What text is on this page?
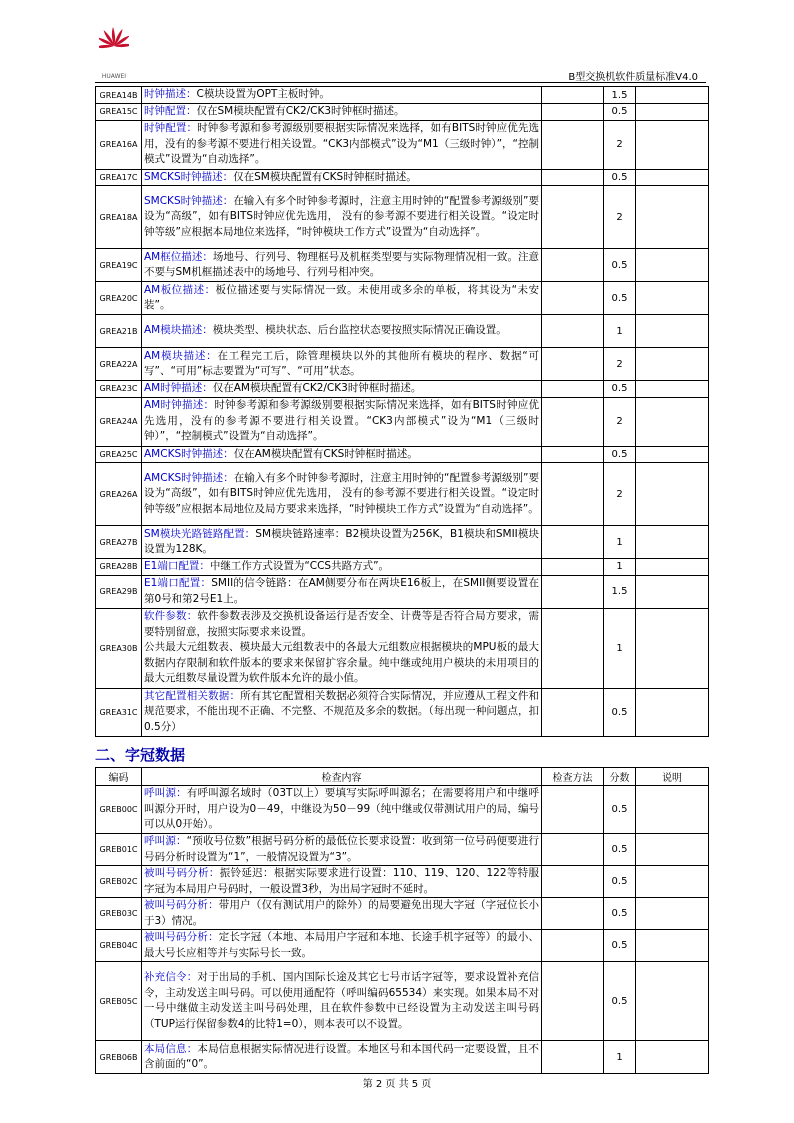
HUAWEI	B型交换机软件质量标准V4.0
GREA14B	时钟描述：C模块设置为OPT主板时钟。		1.5	
GREA15C	时钟配置：仅在SM模块配置有CK2/CK3时钟框时描述。		0.5	
GREA16A	时钟配置：时钟参考源和参考源级别要根据实际情况来选择，如有BITS时钟应优先选用，没有的参考源不要进行相关设置。“CK3内部模式”设为“M1（三级时钟）”，“控制模式”设置为“自动选择”。		2	
GREA17C	SMCKS时钟描述：仅在SM模块配置有CKS时钟框时描述。		0.5	
GREA18A	SMCKS时钟描述：在输入有多个时钟参考源时，注意主用时钟的“配置参考源级别”要设为“高级”，如有BITS时钟应优先选用， 没有的参考源不要进行相关设置。“设定时钟等级”应根据本局地位来选择，“时钟模块工作方式”设置为“自动选择”。		2	
GREA19C	AM框位描述：场地号、行列号、物理框号及机框类型要与实际物理情况相一致。注意不要与SM机框描述表中的场地号、行列号相冲突。		0.5	
GREA20C	AM板位描述：板位描述要与实际情况一致。未使用或多余的单板，将其设为“未安装”。		0.5	
GREA21B	AM模块描述：模块类型、模块状态、后台监控状态要按照实际情况正确设置。		1	
GREA22A	AM模块描述：在工程完工后，除管理模块以外的其他所有模块的程序、数据“可写”、“可用”标志要置为“可写”、“可用”状态。		2	
GREA23C	AM时钟描述：仅在AM模块配置有CK2/CK3时钟框时描述。		0.5	
GREA24A	AM时钟描述：时钟参考源和参考源级别要根据实际情况来选择，如有BITS时钟应优先选用，没有的参考源不要进行相关设置。“CK3内部模式”设为“M1（三级时钟）”，“控制模式”设置为“自动选择”。		2	
GREA25C	AMCKS时钟描述：仅在AM模块配置有CKS时钟框时描述。		0.5	
GREA26A	AMCKS时钟描述：在输入有多个时钟参考源时，注意主用时钟的“配置参考源级别”要设为“高级”，如有BITS时钟应优先选用， 没有的参考源不要进行相关设置。“设定时钟等级”应根据本局地位及局方要求来选择，“时钟模块工作方式”设置为“自动选择”。		2	
GREA27B	SM模块光路链路配置：SM模块链路速率：B2模块设置为256K，B1模块和SMII模块设置为128K。		1	
GREA28B	E1端口配置：中继工作方式设置为“CCS共路方式”。		1	
GREA29B	E1端口配置：SMII的信令链路：在AM侧要分布在两块E16板上，在SMII侧要设置在第0号和第2号E1上。		1.5	
GREA30B	软件参数：软件参数表涉及交换机设备运行是否安全、计费等是否符合局方要求，需要特别留意，按照实际要求来设置。
公共最大元组数表、模块最大元组数表中的各最大元组数应根据模块的MPU板的最大数据内存限制和软件版本的要求来保留扩容余量。纯中继或纯用户模块的未用项目的最大元组数尽量设置为软件版本允许的最小值。		1	
GREA31C	其它配置相关数据：所有其它配置相关数据必须符合实际情况，并应遵从工程文件和规范要求，不能出现不正确、不完整、不规范及多余的数据。（每出现一种问题点，扣0.5分）		0.5	
二、字冠数据
编码	检查内容	检查方法	分数	说明
GREB00C	呼叫源：有呼叫源名域时（03T以上）要填写实际呼叫源名；在需要将用户和中继呼叫源分开时，用户设为0－49，中继设为50－99（纯中继或仅带测试用户的局，编号可以从0开始）。		0.5	
GREB01C	呼叫源：“预收号位数”根据号码分析的最低位长要求设置：收到第一位号码便要进行号码分析时设置为“1”，一般情况设置为“3”。		0.5	
GREB02C	被叫号码分析：振铃延迟：根据实际要求进行设置：110、119、120、122等特服字冠为本局用户号码时，一般设置3秒，为出局字冠时不延时。		0.5	
GREB03C	被叫号码分析：带用户（仅有测试用户的除外）的局要避免出现大字冠（字冠位长小于3）情况。		0.5	
GREB04C	被叫号码分析：定长字冠（本地、本局用户字冠和本地、长途手机字冠等）的最小、最大号长应相等并与实际号长一致。		0.5	
GREB05C	补充信令：对于出局的手机、国内国际长途及其它七号市话字冠等，要求设置补充信令，主动发送主叫号码。可以使用通配符（呼叫编码65534）来实现。如果本局不对一号中继做主动发送主叫号码处理，且在软件参数中已经设置为主动发送主叫号码（TUP运行保留参数4的比特1=0），则本表可以不设置。		0.5	
GREB06B	本局信息：本局信息根据实际情况进行设置。本地区号和本国代码一定要设置，且不含前面的“0”。		1	
第 2 页 共 5 页
